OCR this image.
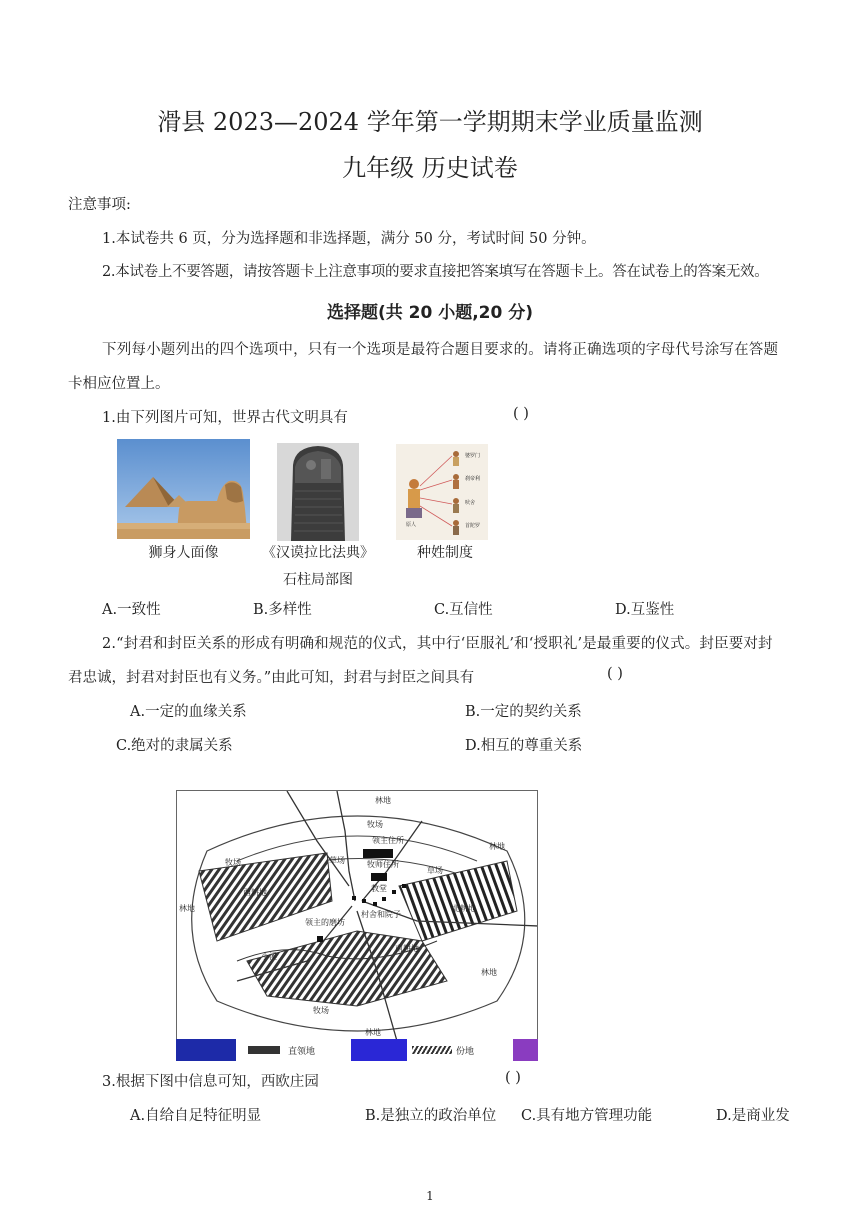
滑县 2023—2024 学年第一学期期末学业质量监测
九年级 历史试卷
注意事项:
1.本试卷共 6 页，分为选择题和非选择题，满分 50 分，考试时间 50 分钟。
2.本试卷上不要答题，请按答题卡上注意事项的要求直接把答案填写在答题卡上。答在试卷上的答案无效。
选择题(共 20 小题,20 分)
下列每小题列出的四个选项中，只有一个选项是最符合题目要求的。请将正确选项的字母代号涂写在答题
卡相应位置上。
1.由下列图片可知，世界古代文明具有	( )
婆罗门
刹帝利
吠舍
首陀罗
原人
狮身人面像	《汉谟拉比法典》
石柱局部图
种姓制度
A.一致性	B.多样性	C.互信性	D.互鉴性
2.“封君和封臣关系的形成有明确和规范的仪式，其中行‘臣服礼’和‘授职礼’是最重要的仪式。封臣要对封
君忠诚，封君对封臣也有义务。”由此可知，封君与封臣之间具有	( )
A.一定的血缘关系	B.一定的契约关系
C.绝对的隶属关系	D.相互的尊重关系
林地
牧场
林地
领主住所
牧场	草场	牧师住所
草场
教堂
西耕地
林地	北耕地
村舍和院子
领主的磨坊
小溪
南耕地
林地
牧场
林地
直领地	份地
3.根据下图中信息可知，西欧庄园	( )
A.自给自足特征明显	B.是独立的政治单位 C.具有地方管理功能	D.是商业发
1
